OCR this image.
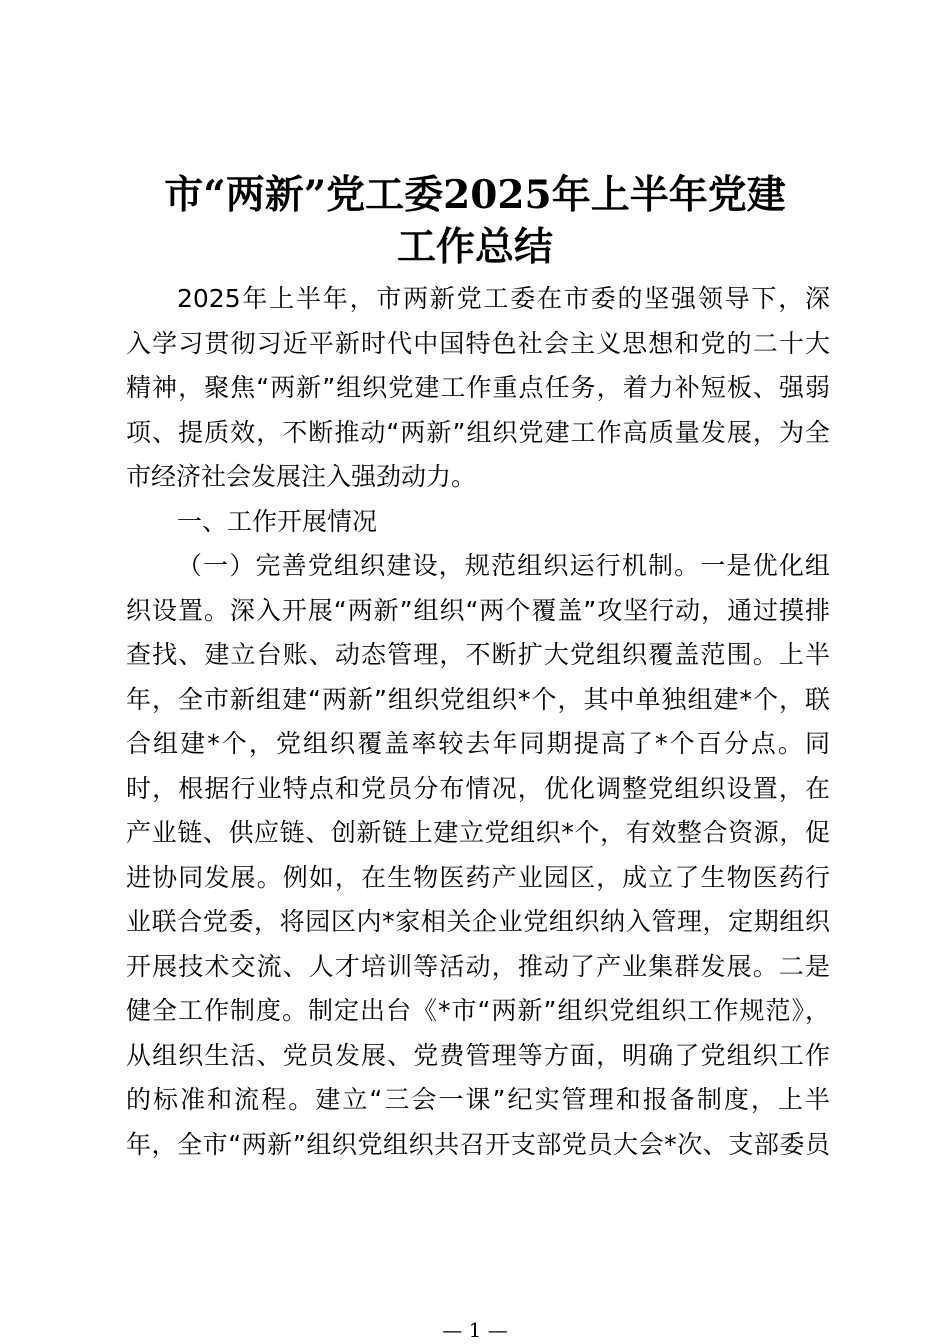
市“两新”党工委2025年上半年党建
工作总结

2025年上半年，市两新党工委在市委的坚强领导下，深

入学习贯彻习近平新时代中国特色社会主义思想和党的二十大

精神，聚焦“两新”组织党建工作重点任务，着力补短板、强弱

项、提质效，不断推动“两新”组织党建工作高质量发展，为全

市经济社会发展注入强劲动力。

一、工作开展情况

（一）完善党组织建设，规范组织运行机制。一是优化组

织设置。深入开展“两新”组织“两个覆盖”攻坚行动，通过摸排

查找、建立台账、动态管理，不断扩大党组织覆盖范围。上半

年，全市新组建“两新”组织党组织*个，其中单独组建*个，联

合组建*个，党组织覆盖率较去年同期提高了*个百分点。同

时，根据行业特点和党员分布情况，优化调整党组织设置，在

产业链、供应链、创新链上建立党组织*个，有效整合资源，促

进协同发展。例如，在生物医药产业园区，成立了生物医药行

业联合党委，将园区内*家相关企业党组织纳入管理，定期组织

开展技术交流、人才培训等活动，推动了产业集群发展。二是

健全工作制度。制定出台《*市“两新”组织党组织工作规范》，

从组织生活、党员发展、党费管理等方面，明确了党组织工作

的标准和流程。建立“三会一课”纪实管理和报备制度，上半

年，全市“两新”组织党组织共召开支部党员大会*次、支部委员

— 1 —
